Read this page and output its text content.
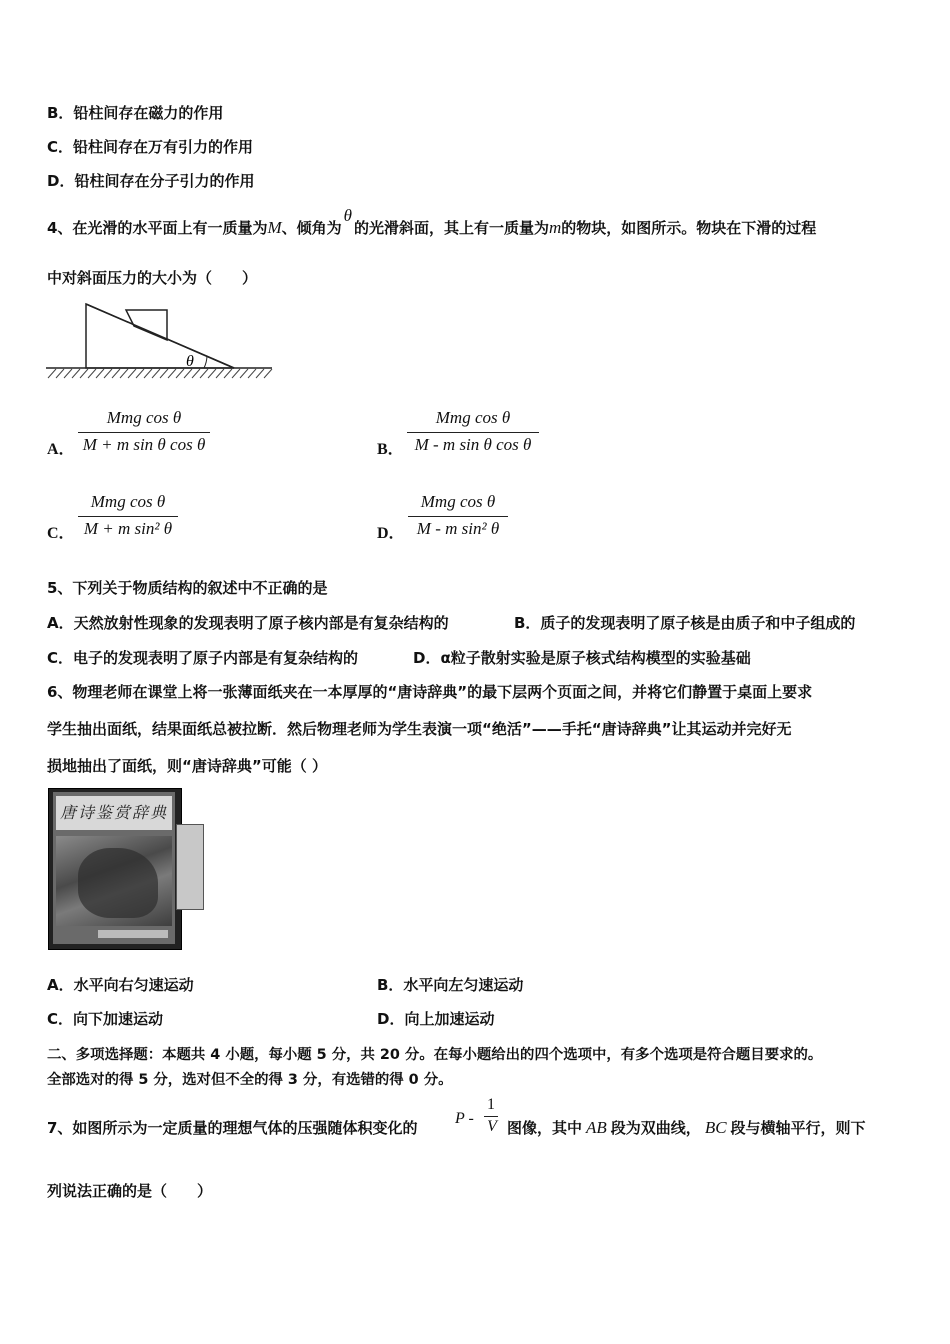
B．铅柱间存在磁力的作用
C．铅柱间存在万有引力的作用
D．铅柱间存在分子引力的作用
4、在光滑的水平面上有一质量为M、倾角为θ的光滑斜面，其上有一质量为m的物块，如图所示。物块在下滑的过程
中对斜面压力的大小为（　　）
θ
A．
Mmg cos θ
M + m sin θ cos θ	B．
Mmg cos θ
M - m sin θ cos θ
C．
Mmg cos θ
M + m sin² θ	D．
Mmg cos θ
M - m sin² θ
5、下列关于物质结构的叙述中不正确的是
A．天然放射性现象的发现表明了原子核内部是有复杂结构的	B．质子的发现表明了原子核是由质子和中子组成的
C．电子的发现表明了原子内部是有复杂结构的	D．α粒子散射实验是原子核式结构模型的实验基础
6、物理老师在课堂上将一张薄面纸夹在一本厚厚的“唐诗辞典”的最下层两个页面之间，并将它们静置于桌面上要求
学生抽出面纸，结果面纸总被拉断．然后物理老师为学生表演一项“绝活”——手托“唐诗辞典”让其运动并完好无
损地抽出了面纸，则“唐诗辞典”可能（ ）
唐诗鉴赏辞典
A．水平向右匀速运动	B．水平向左匀速运动
C．向下加速运动	D．向上加速运动
二、多项选择题：本题共 4 小题，每小题 5 分，共 20 分。在每小题给出的四个选项中，有多个选项是符合题目要求的。
全部选对的得 5 分，选对但不全的得 3 分，有选错的得 0 分。
7、如图所示为一定质量的理想气体的压强随体积变化的
P -
1
V 图像，其中 AB 段为双曲线， BC 段与横轴平行，则下
列说法正确的是（　　）
